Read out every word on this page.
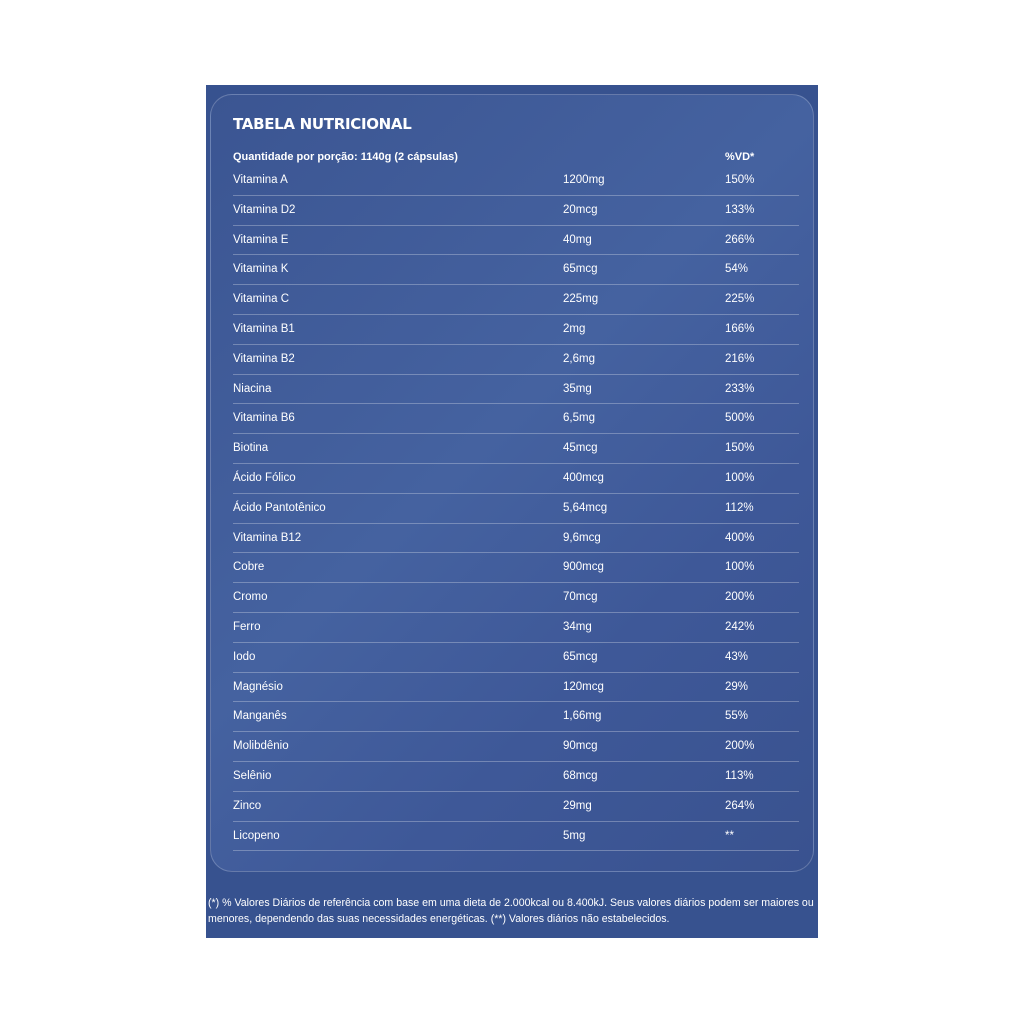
TABELA NUTRICIONAL
Quantidade por porção: 1140g (2 cápsulas)	%VD*
Vitamina A	1200mg	150%
Vitamina D2	20mcg	133%
Vitamina E	40mg	266%
Vitamina K	65mcg	54%
Vitamina C	225mg	225%
Vitamina B1	2mg	166%
Vitamina B2	2,6mg	216%
Niacina	35mg	233%
Vitamina B6	6,5mg	500%
Biotina	45mcg	150%
Ácido Fólico	400mcg	100%
Ácido Pantotênico	5,64mcg	112%
Vitamina B12	9,6mcg	400%
Cobre	900mcg	100%
Cromo	70mcg	200%
Ferro	34mg	242%
Iodo	65mcg	43%
Magnésio	120mcg	29%
Manganês	1,66mg	55%
Molibdênio	90mcg	200%
Selênio	68mcg	113%
Zinco	29mg	264%
Licopeno	5mg	**
(*) % Valores Diários de referência com base em uma dieta de 2.000kcal ou 8.400kJ. Seus valores diários podem ser maiores ou menores, dependendo das suas necessidades energéticas. (**) Valores diários não estabelecidos.
